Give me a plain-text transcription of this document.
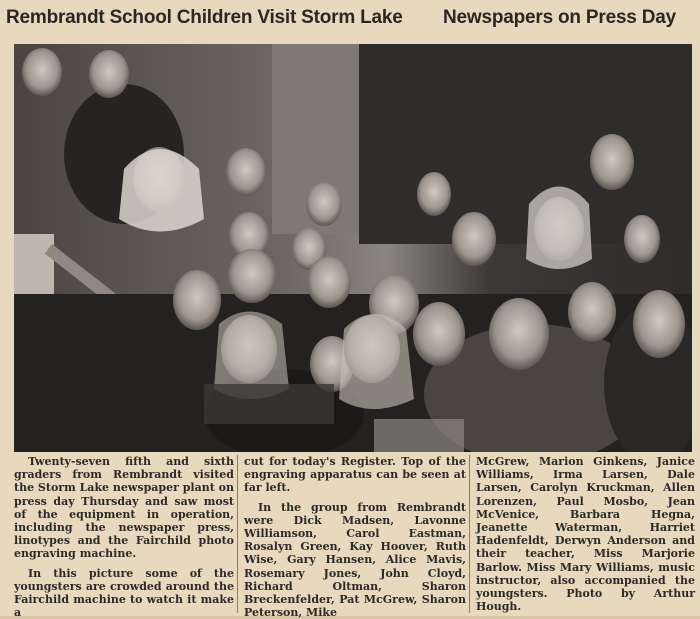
Rembrandt School Children Visit Storm Lake Newspapers on Press Day

Twenty-seven fifth and sixth graders from Rembrandt visited the Storm Lake newspaper plant on press day Thursday and saw most of the equipment in operation, including the newspaper press, linotypes and the Fairchild photo engraving machine.

In this picture some of the youngsters are crowded around the Fairchild machine to watch it make a

cut for today's Register. Top of the engraving apparatus can be seen at far left.

In the group from Rembrandt were Dick Madsen, Lavonne Williamson, Carol Eastman, Rosalyn Green, Kay Hoover, Ruth Wise, Gary Hansen, Alice Mavis, Rosemary Jones, John Cloyd, Richard Oltman, Sharon Breckenfelder, Pat McGrew, Sharon Peterson, Mike

McGrew, Marion Ginkens, Janice Williams, Irma Larsen, Dale Larsen, Carolyn Kruckman, Allen Lorenzen, Paul Mosbo, Jean McVenice, Barbara Hegna, Jeanette Waterman, Harriet Hadenfeldt, Derwyn Anderson and their teacher, Miss Marjorie Barlow. Miss Mary Williams, music instructor, also accompanied the youngsters. Photo by Arthur Hough.
